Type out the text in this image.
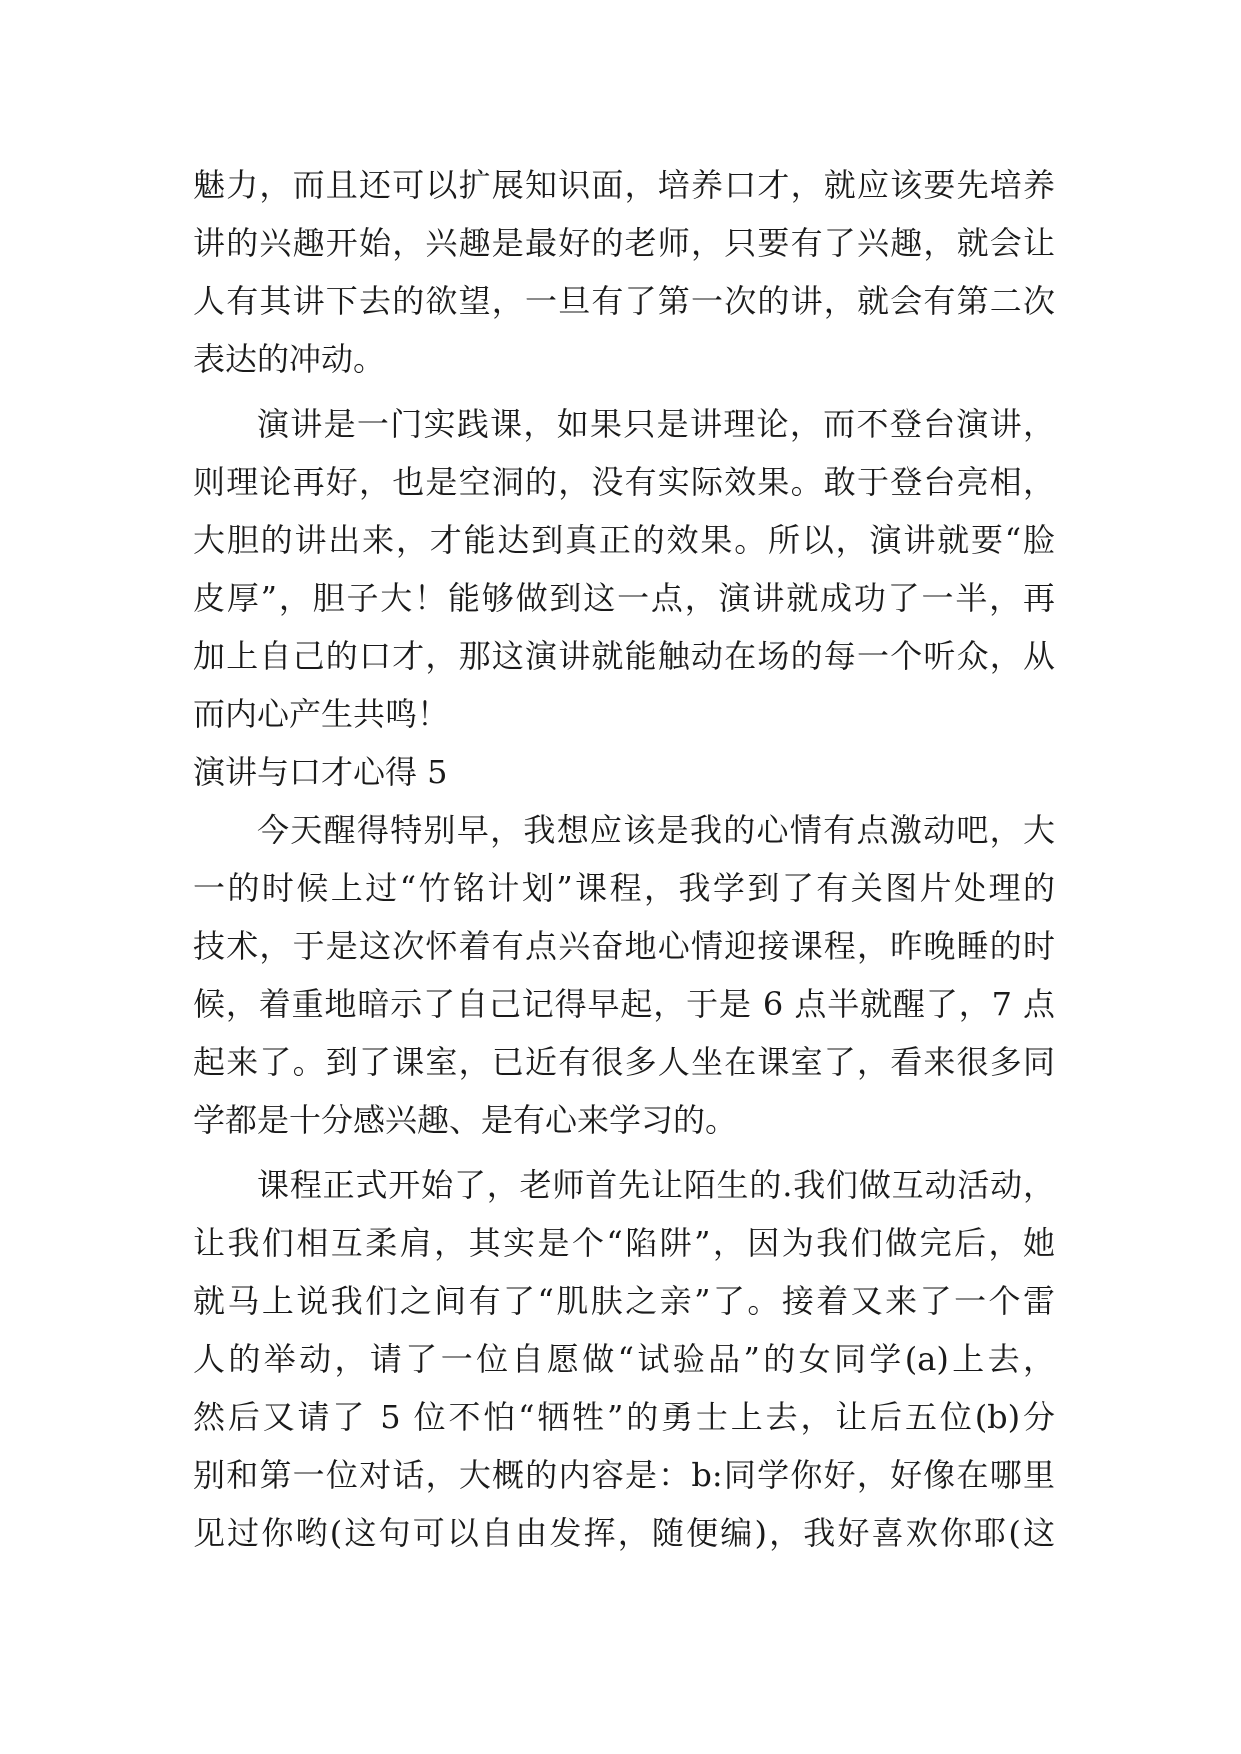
魅力，而且还可以扩展知识面，培养口才，就应该要先培养
讲的兴趣开始，兴趣是最好的老师，只要有了兴趣，就会让
人有其讲下去的欲望，一旦有了第一次的讲，就会有第二次
表达的冲动。
演讲是一门实践课，如果只是讲理论，而不登台演讲，
则理论再好，也是空洞的，没有实际效果。敢于登台亮相，
大胆的讲出来，才能达到真正的效果。所以，演讲就要“脸
皮厚”，胆子大！能够做到这一点，演讲就成功了一半，再
加上自己的口才，那这演讲就能触动在场的每一个听众，从
而内心产生共鸣！
演讲与口才心得 5
今天醒得特别早，我想应该是我的心情有点激动吧，大
一的时候上过“竹铭计划”课程，我学到了有关图片处理的
技术，于是这次怀着有点兴奋地心情迎接课程，昨晚睡的时
候，着重地暗示了自己记得早起，于是 6 点半就醒了，7 点
起来了。到了课室，已近有很多人坐在课室了，看来很多同
学都是十分感兴趣、是有心来学习的。
课程正式开始了，老师首先让陌生的.我们做互动活动，
让我们相互柔肩，其实是个“陷阱”，因为我们做完后，她
就马上说我们之间有了“肌肤之亲”了。接着又来了一个雷
人的举动，请了一位自愿做“试验品”的女同学(a)上去，
然后又请了 5 位不怕“牺牲”的勇士上去，让后五位(b)分
别和第一位对话，大概的内容是：b:同学你好，好像在哪里
见过你哟(这句可以自由发挥，随便编)，我好喜欢你耶(这
